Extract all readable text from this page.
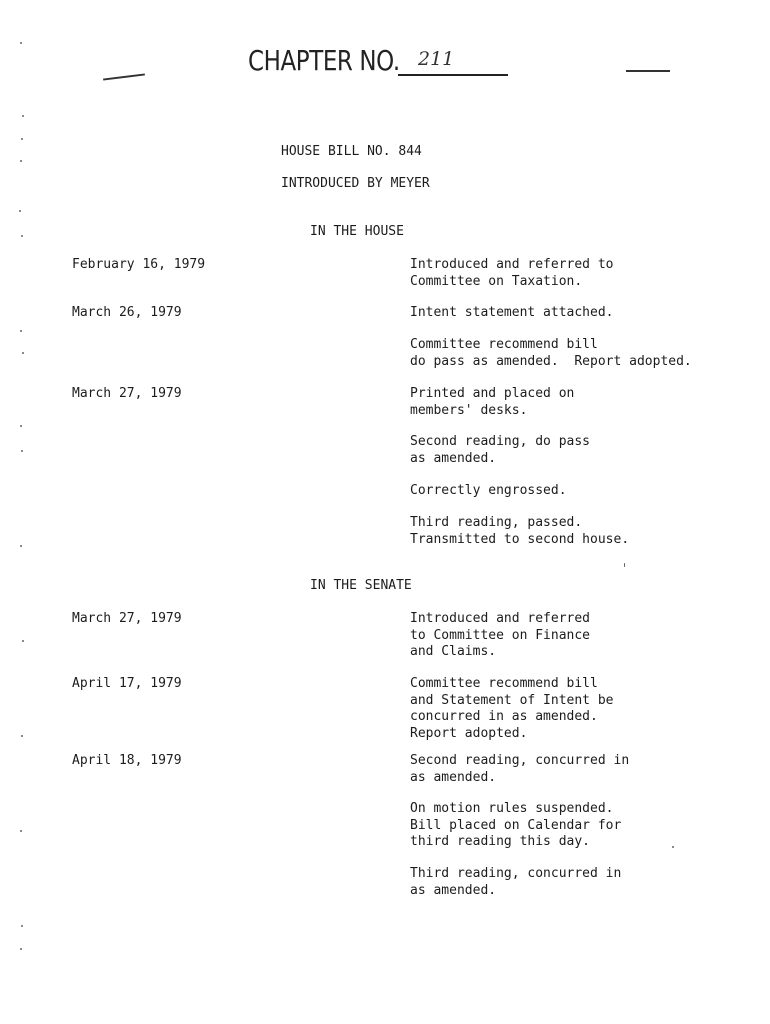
CHAPTER NO. 211
HOUSE BILL NO. 844
INTRODUCED BY MEYER
IN THE HOUSE
February 16, 1979	Introduced and referred to
Committee on Taxation.
March 26, 1979	Intent statement attached.
Committee recommend bill
do pass as amended.  Report adopted.
March 27, 1979	Printed and placed on
members' desks.
Second reading, do pass
as amended.
Correctly engrossed.
Third reading, passed.
Transmitted to second house.
IN THE SENATE
March 27, 1979	Introduced and referred
to Committee on Finance
and Claims.
April 17, 1979	Committee recommend bill
and Statement of Intent be
concurred in as amended.
Report adopted.
April 18, 1979	Second reading, concurred in
as amended.
On motion rules suspended.
Bill placed on Calendar for
third reading this day.
Third reading, concurred in
as amended.
